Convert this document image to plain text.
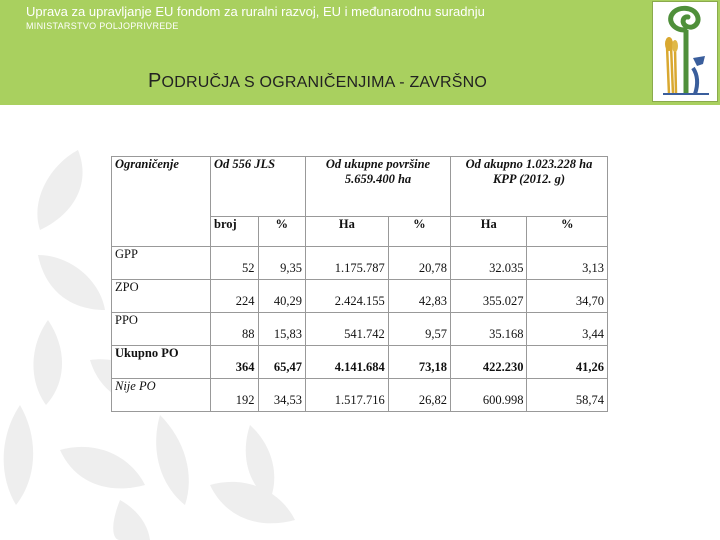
Uprava za upravljanje EU fondom za ruralni razvoj, EU i međunarodnu suradnju
MINISTARSTVO POLJOPRIVREDE
PODRUČJA S OGRANIČENJIMA - ZAVRŠNO
Ograničenje	Od 556 JLS		Od ukupne površine 5.659.400 ha		Od akupno 1.023.228 ha KPP (2012. g)	
	broj	%	Ha	%	Ha	%
GPP	52	9,35	1.175.787	20,78	32.035	3,13
ZPO	224	40,29	2.424.155	42,83	355.027	34,70
PPO	88	15,83	541.742	9,57	35.168	3,44
Ukupno PO	364	65,47	4.141.684	73,18	422.230	41,26
Nije PO	192	34,53	1.517.716	26,82	600.998	58,74
